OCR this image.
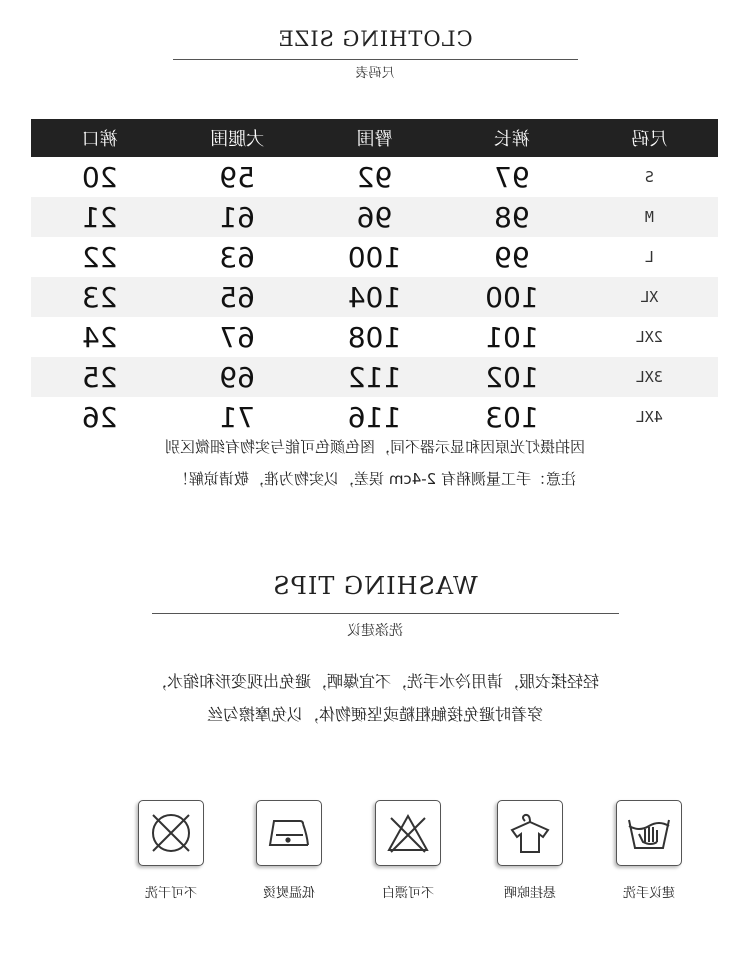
CLOTHING SIZE
尺码表
尺码	裤长	臀围	大腿围	裤口
S	97	92	59	20
M	98	96	61	21
L	99	100	63	22
XL	100	104	65	23
2XL	101	108	67	24
3XL	102	112	69	25
4XL	103	116	71	26
因拍摄灯光原因和显示器不同，图色颜色可能与实物有细微区别
注意：手工量测稍有 2-4cm 误差，以实物为准，敬请谅解！
WASHING TIPS
洗涤建议
轻轻揉衣服，请用冷水手洗，不宜爆晒，避免出现变形和缩水，
穿着时避免接触粗糙或坚硬物体，以免摩擦勾丝
建议手洗
悬挂晾晒
不可漂白
低温熨烫
不可干洗
